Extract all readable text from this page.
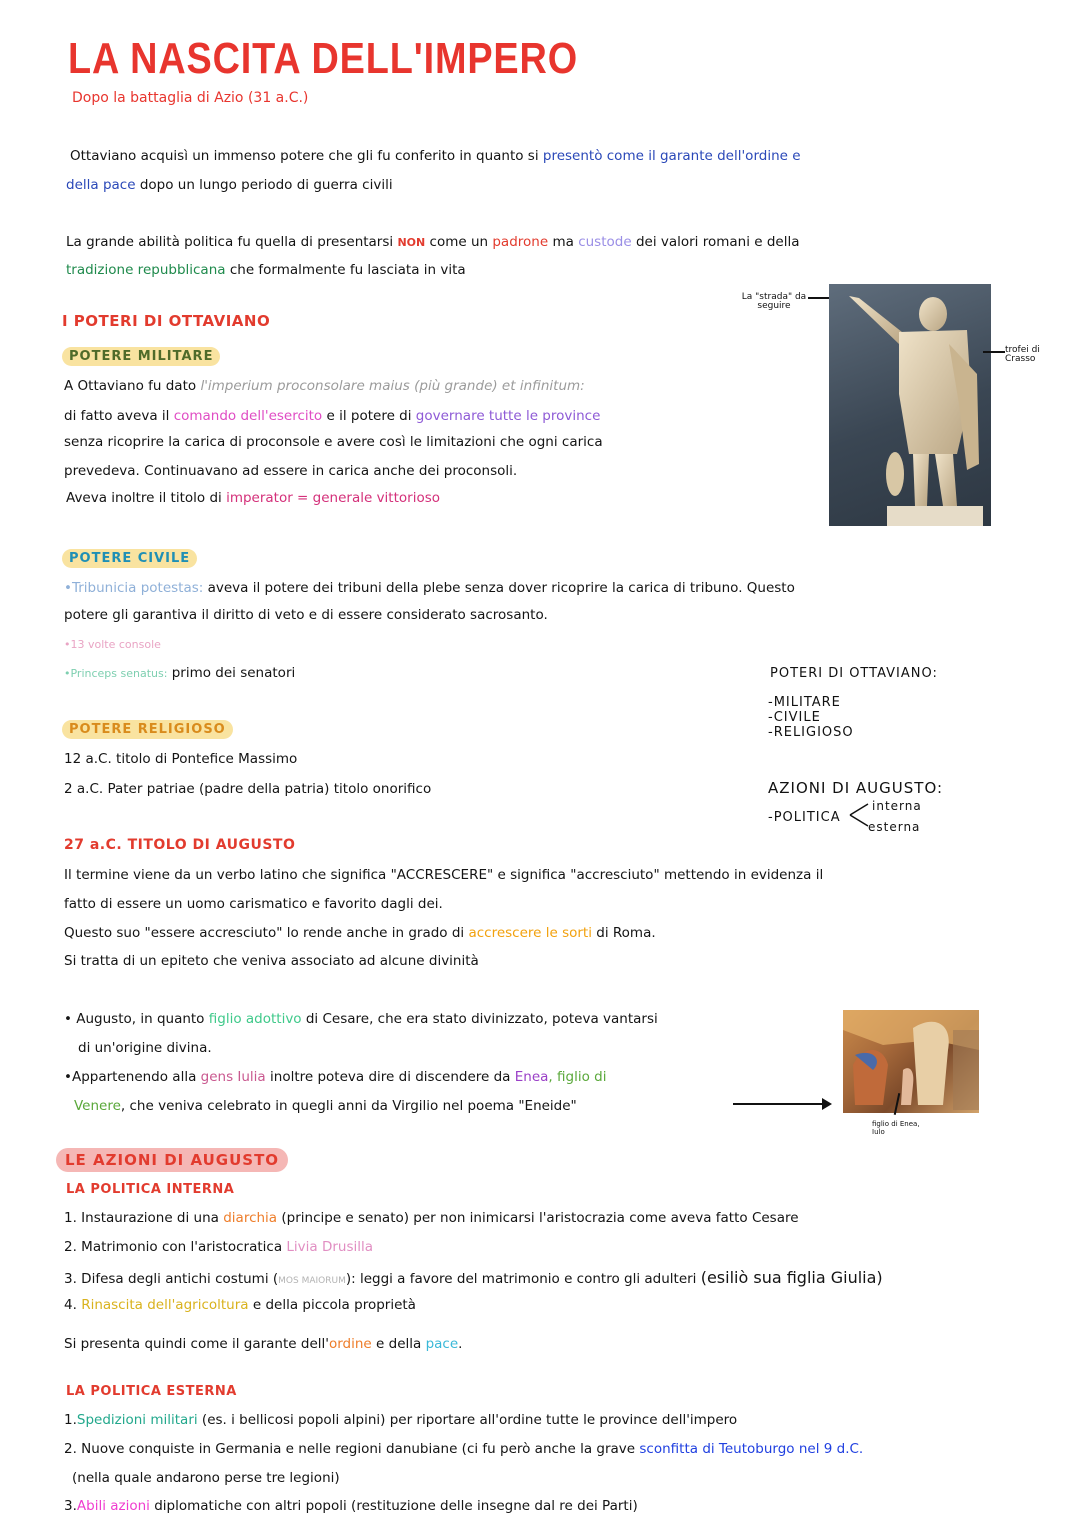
LA NASCITA DELL'IMPERO
Dopo la battaglia di Azio (31 a.C.)
Ottaviano acquisì un immenso potere che gli fu conferito in quanto si presentò come il garante dell'ordine e
della pace dopo un lungo periodo di guerra civili
La grande abilità politica fu quella di presentarsi NON come un padrone ma custode dei valori romani e della
tradizione repubblicana che formalmente fu lasciata in vita
I POTERI DI OTTAVIANO
POTERE MILITARE
A Ottaviano fu dato l'imperium proconsolare maius (più grande) et infinitum:
di fatto aveva il comando dell'esercito e il potere di governare tutte le province
senza ricoprire la carica di proconsole e avere così le limitazioni che ogni carica
prevedeva. Continuavano ad essere in carica anche dei proconsoli.
Aveva inoltre il titolo di imperator = generale vittorioso
La "strada" da seguire
trofei di Crasso
POTERE CIVILE
•Tribunicia potestas: aveva il potere dei tribuni della plebe senza dover ricoprire la carica di tribuno. Questo
potere gli garantiva il diritto di veto e di essere considerato sacrosanto.
•13 volte console
•Princeps senatus: primo dei senatori
POTERE RELIGIOSO
12 a.C. titolo di Pontefice Massimo
2 a.C. Pater patriae (padre della patria) titolo onorifico
POTERI DI OTTAVIANO:
-MILITARE
-CIVILE
-RELIGIOSO
AZIONI DI AUGUSTO:
-POLITICA
interna
esterna
27 a.C. TITOLO DI AUGUSTO
Il termine viene da un verbo latino che significa "ACCRESCERE" e significa "accresciuto" mettendo in evidenza il
fatto di essere un uomo carismatico e favorito dagli dei.
Questo suo "essere accresciuto" lo rende anche in grado di accrescere le sorti di Roma.
Si tratta di un epiteto che veniva associato ad alcune divinità
• Augusto, in quanto figlio adottivo di Cesare, che era stato divinizzato, poteva vantarsi
di un'origine divina.
•Appartenendo alla gens Iulia inoltre poteva dire di discendere da Enea, figlio di
Venere, che veniva celebrato in quegli anni da Virgilio nel poema "Eneide"
figlio di Enea, Iulo
LE AZIONI DI AUGUSTO
LA POLITICA INTERNA
1. Instaurazione di una diarchia (principe e senato) per non inimicarsi l'aristocrazia come aveva fatto Cesare
2. Matrimonio con l'aristocratica Livia Drusilla
3. Difesa degli antichi costumi (MOS MAIORUM): leggi a favore del matrimonio e contro gli adulteri (esiliò sua figlia Giulia)
4. Rinascita dell'agricoltura e della piccola proprietà
Si presenta quindi come il garante dell'ordine e della pace.
LA POLITICA ESTERNA
1.Spedizioni militari (es. i bellicosi popoli alpini) per riportare all'ordine tutte le province dell'impero
2. Nuove conquiste in Germania e nelle regioni danubiane (ci fu però anche la grave sconfitta di Teutoburgo nel 9 d.C.
(nella quale andarono perse tre legioni)
3.Abili azioni diplomatiche con altri popoli (restituzione delle insegne dal re dei Parti)
